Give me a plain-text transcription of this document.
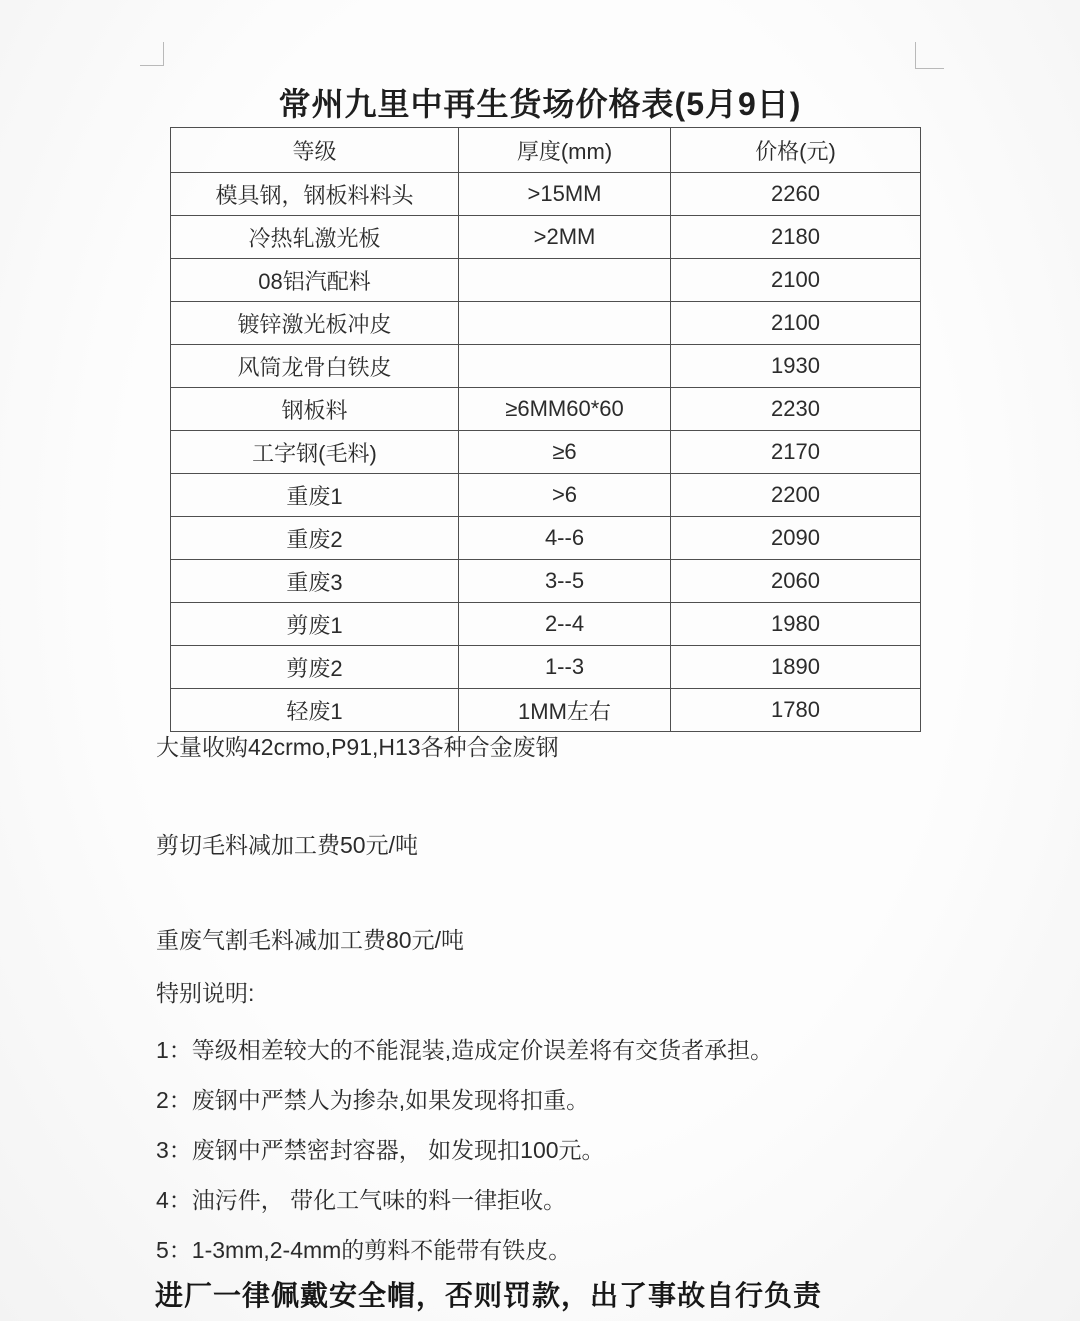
常州九里中再生货场价格表(5月9日)
等级	厚度(mm)	价格(元)
模具钢，钢板料料头	>15MM	2260
冷热轧激光板	>2MM	2180
08铝汽配料		2100
镀锌激光板冲皮		2100
风筒龙骨白铁皮		1930
钢板料	≥6MM60*60	2230
工字钢(毛料)	≥6	2170
重废1	>6	2200
重废2	4--6	2090
重废3	3--5	2060
剪废1	2--4	1980
剪废2	1--3	1890
轻废1	1MM左右	1780
大量收购42crmo,P91,H13各种合金废钢
剪切毛料减加工费50元/吨
重废气割毛料减加工费80元/吨
特别说明:
1：等级相差较大的不能混装,造成定价误差将有交货者承担。
2：废钢中严禁人为掺杂,如果发现将扣重。
3：废钢中严禁密封容器， 如发现扣100元。
4：油污件， 带化工气味的料一律拒收。
5：1-3mm,2-4mm的剪料不能带有铁皮。
进厂一律佩戴安全帽，否则罚款，出了事故自行负责
